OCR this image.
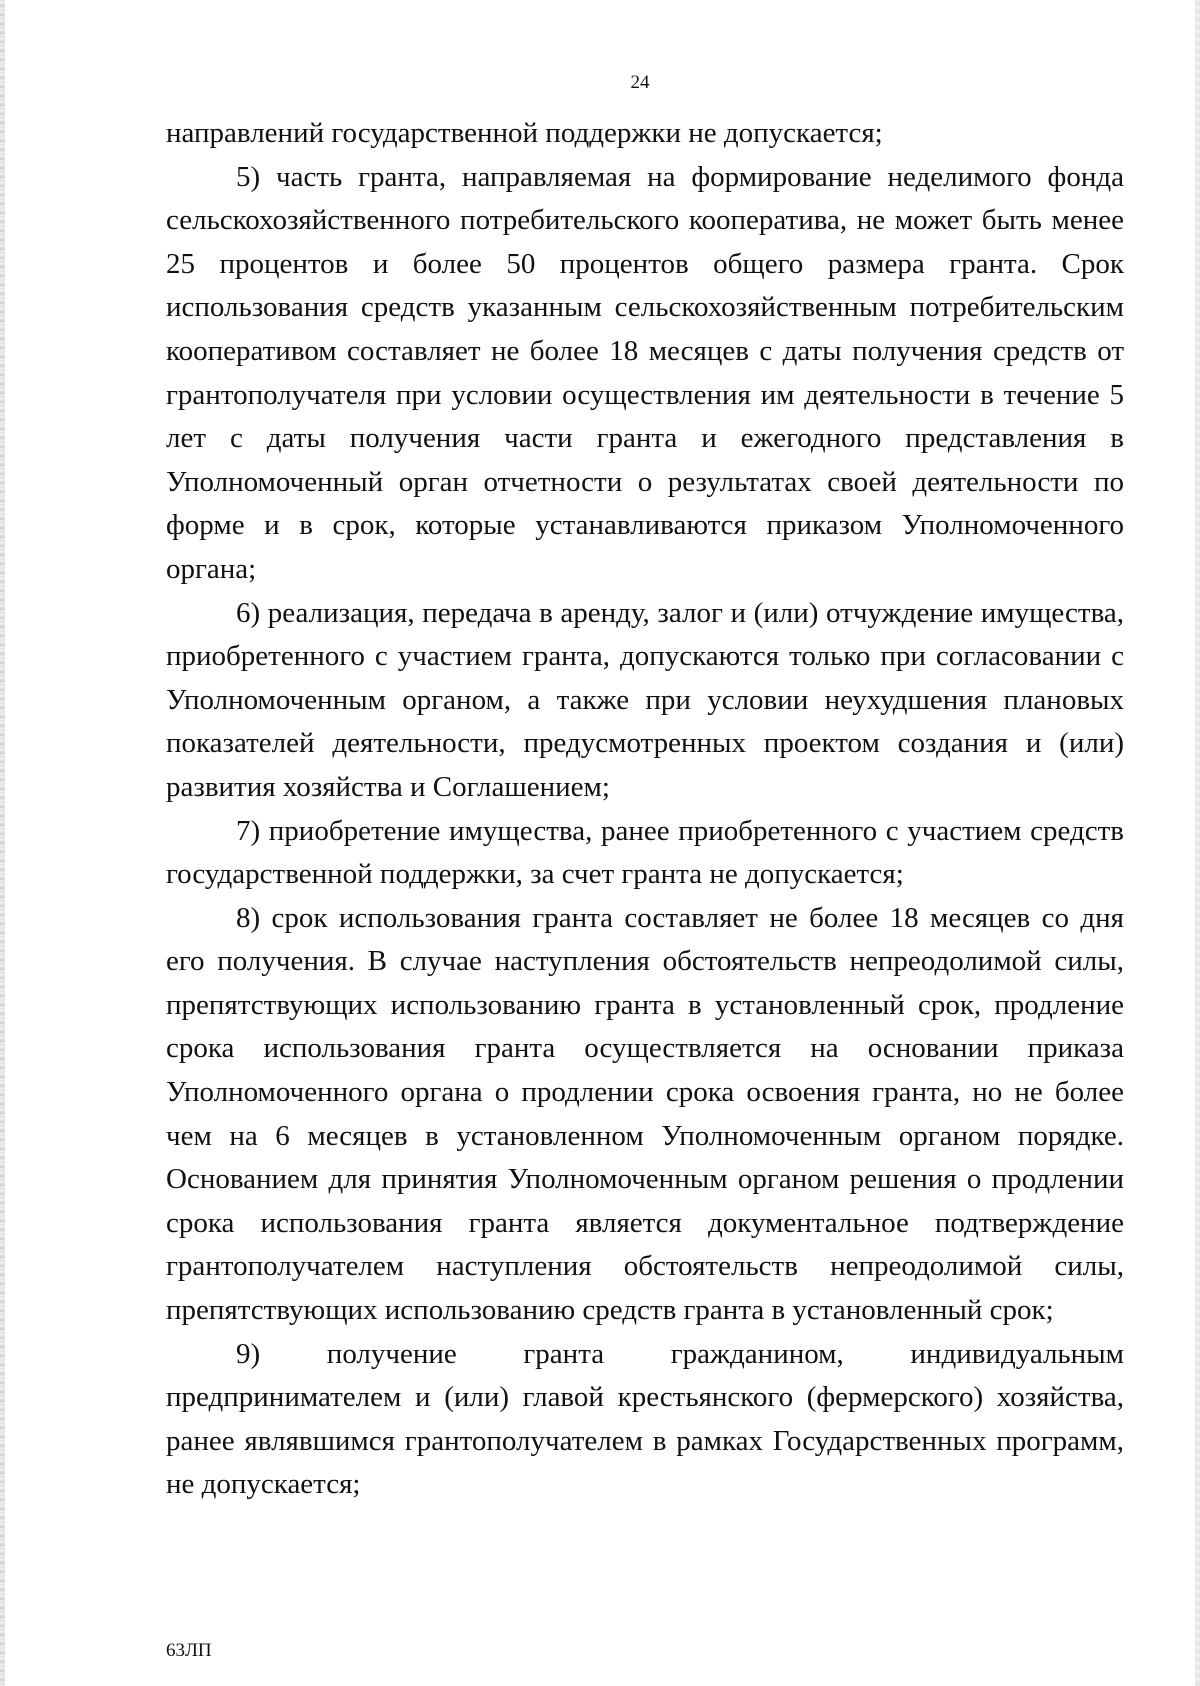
24

направлений государственной поддержки не допускается;

5) часть гранта, направляемая на формирование неделимого фонда сельскохозяйственного потребительского кооператива, не может быть менее 25 процентов и более 50 процентов общего размера гранта. Срок использования средств указанным сельскохозяйственным потребительским кооперативом составляет не более 18 месяцев с даты получения средств от грантополучателя при условии осуществления им деятельности в течение 5 лет с даты получения части гранта и ежегодного представления в Уполномоченный орган отчетности о результатах своей деятельности по форме и в срок, которые устанавливаются приказом Уполномоченного органа;

6) реализация, передача в аренду, залог и (или) отчуждение имущества, приобретенного с участием гранта, допускаются только при согласовании с Уполномоченным органом, а также при условии неухудшения плановых показателей деятельности, предусмотренных проектом создания и (или) развития хозяйства и Соглашением;

7) приобретение имущества, ранее приобретенного с участием средств государственной поддержки, за счет гранта не допускается;

8) срок использования гранта составляет не более 18 месяцев со дня его получения. В случае наступления обстоятельств непреодолимой силы, препятствующих использованию гранта в установленный срок, продление срока использования гранта осуществляется на основании приказа Уполномоченного органа о продлении срока освоения гранта, но не более чем на 6 месяцев в установленном Уполномоченным органом порядке. Основанием для принятия Уполномоченным органом решения о продлении срока использования гранта является документальное подтверждение грантополучателем наступления обстоятельств непреодолимой силы, препятствующих использованию средств гранта в установленный срок;

9) получение гранта гражданином, индивидуальным предпринимателем и (или) главой крестьянского (фермерского) хозяйства, ранее являвшимся грантополучателем в рамках Государственных программ, не допускается;

63ЛП
